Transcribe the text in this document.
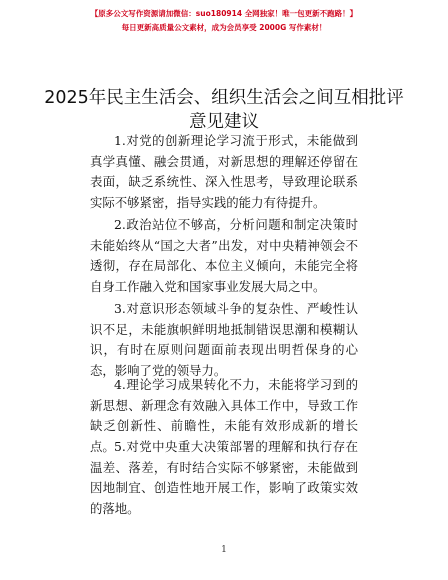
【原多公文写作资源请加微信：suo180914 全网独家！唯一包更新不跑路！】
每日更新高质量公文素材，成为会员享受 2000G 写作素材！
2025年民主生活会、组织生活会之间互相批评意见建议

1.对党的创新理论学习流于形式，未能做到真学真懂、融会贯通，对新思想的理解还停留在表面，缺乏系统性、深入性思考，导致理论联系实际不够紧密，指导实践的能力有待提升。

2.政治站位不够高，分析问题和制定决策时未能始终从“国之大者”出发，对中央精神领会不透彻，存在局部化、本位主义倾向，未能完全将自身工作融入党和国家事业发展大局之中。

3.对意识形态领域斗争的复杂性、严峻性认识不足，未能旗帜鲜明地抵制错误思潮和模糊认识，有时在原则问题面前表现出明哲保身的心态，影响了党的领导力。

4.理论学习成果转化不力，未能将学习到的新思想、新理念有效融入具体工作中，导致工作缺乏创新性、前瞻性，未能有效形成新的增长点。 5.对党中央重大决策部署的理解和执行存在温差、落差，有时结合实际不够紧密，未能做到因地制宜、创造性地开展工作，影响了政策实效的落地。

1
